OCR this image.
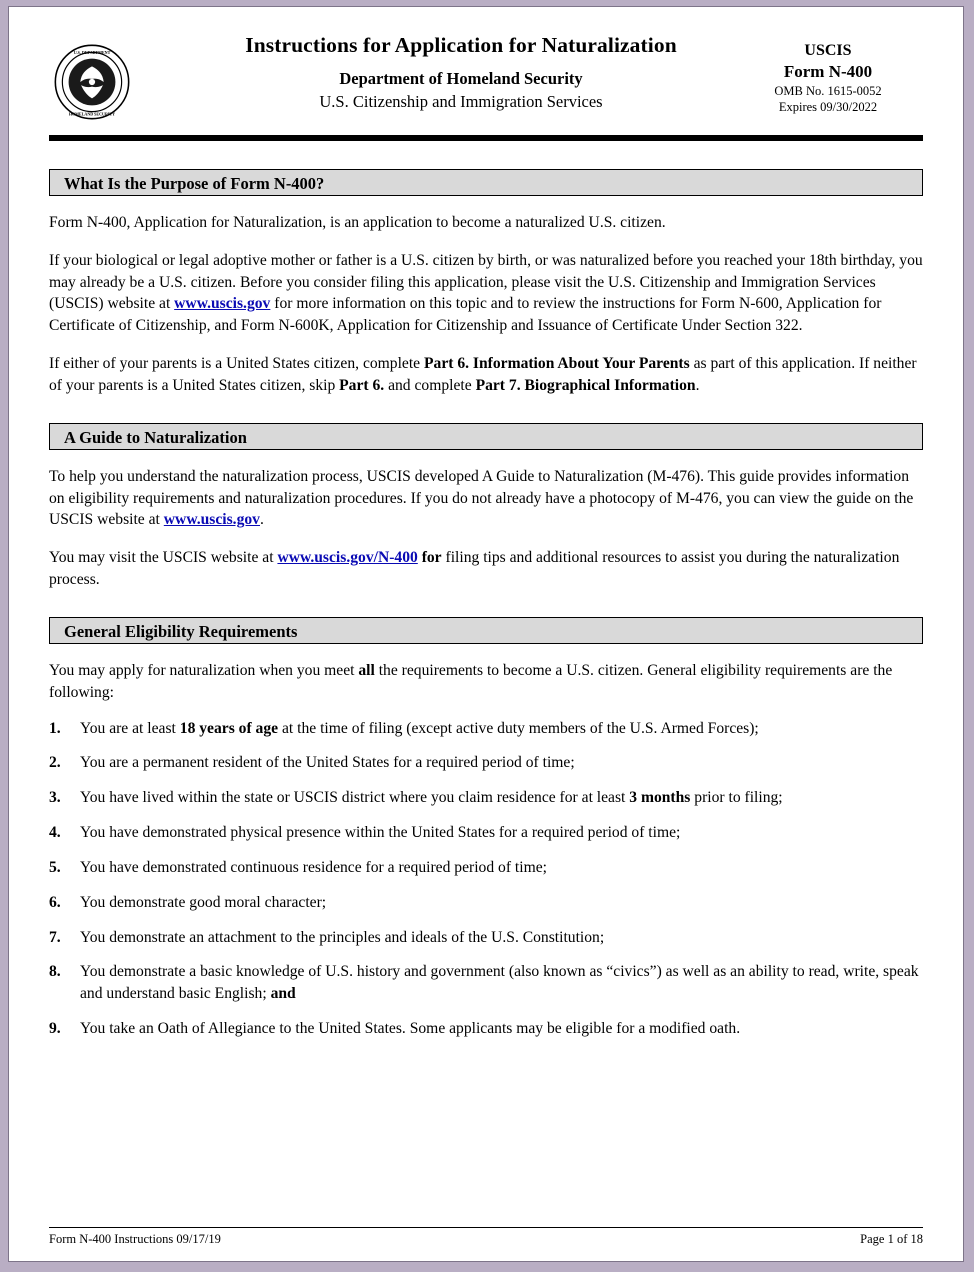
U.S. DEPARTMENT
HOMELAND SECURITY
Instructions for Application for Naturalization
Department of Homeland Security
U.S. Citizenship and Immigration Services
USCIS
Form N-400
OMB No. 1615-0052
Expires 09/30/2022
What Is the Purpose of Form N-400?

Form N-400, Application for Naturalization, is an application to become a naturalized U.S. citizen.

If your biological or legal adoptive mother or father is a U.S. citizen by birth, or was naturalized before you reached your 18th birthday, you may already be a U.S. citizen. Before you consider filing this application, please visit the U.S. Citizenship and Immigration Services (USCIS) website at www.uscis.gov for more information on this topic and to review the instructions for Form N-600, Application for Certificate of Citizenship, and Form N-600K, Application for Citizenship and Issuance of Certificate Under Section 322.

If either of your parents is a United States citizen, complete Part 6. Information About Your Parents as part of this application. If neither of your parents is a United States citizen, skip Part 6. and complete Part 7. Biographical Information.

A Guide to Naturalization

To help you understand the naturalization process, USCIS developed A Guide to Naturalization (M-476). This guide provides information on eligibility requirements and naturalization procedures. If you do not already have a photocopy of M-476, you can view the guide on the USCIS website at www.uscis.gov.

You may visit the USCIS website at www.uscis.gov/N-400 for filing tips and additional resources to assist you during the naturalization process.

General Eligibility Requirements

You may apply for naturalization when you meet all the requirements to become a U.S. citizen. General eligibility requirements are the following:

1. You are at least 18 years of age at the time of filing (except active duty members of the U.S. Armed Forces);
2. You are a permanent resident of the United States for a required period of time;
3. You have lived within the state or USCIS district where you claim residence for at least 3 months prior to filing;
4. You have demonstrated physical presence within the United States for a required period of time;
5. You have demonstrated continuous residence for a required period of time;
6. You demonstrate good moral character;
7. You demonstrate an attachment to the principles and ideals of the U.S. Constitution;
8. You demonstrate a basic knowledge of U.S. history and government (also known as “civics”) as well as an ability to read, write, speak and understand basic English; and
9. You take an Oath of Allegiance to the United States. Some applicants may be eligible for a modified oath.
Form N-400 Instructions 09/17/19	Page 1 of 18
